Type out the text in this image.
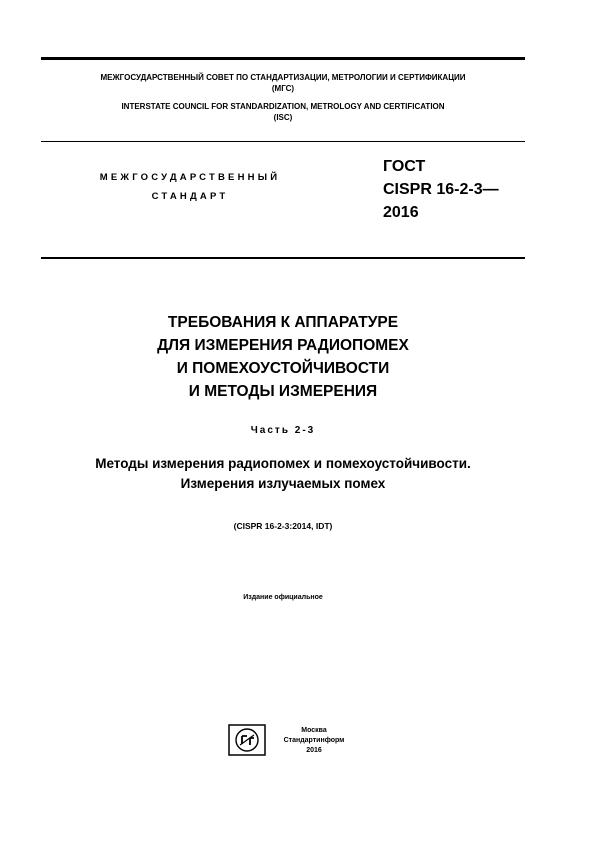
МЕЖГОСУДАРСТВЕННЫЙ СОВЕТ ПО СТАНДАРТИЗАЦИИ, МЕТРОЛОГИИ И СЕРТИФИКАЦИИ
(МГС)
INTERSTATE COUNCIL FOR STANDARDIZATION, METROLOGY AND CERTIFICATION
(ISC)
МЕЖГОСУДАРСТВЕННЫЙ
СТАНДАРТ
ГОСТ
CISPR 16-2-3—
2016
ТРЕБОВАНИЯ К АППАРАТУРЕ
ДЛЯ ИЗМЕРЕНИЯ РАДИОПОМЕХ
И ПОМЕХОУСТОЙЧИВОСТИ
И МЕТОДЫ ИЗМЕРЕНИЯ
Часть 2-3
Методы измерения радиопомех и помехоустойчивости.
Измерения излучаемых помех
(CISPR 16-2-3:2014, IDT)
Издание официальное
Москва
Стандартинформ
2016
